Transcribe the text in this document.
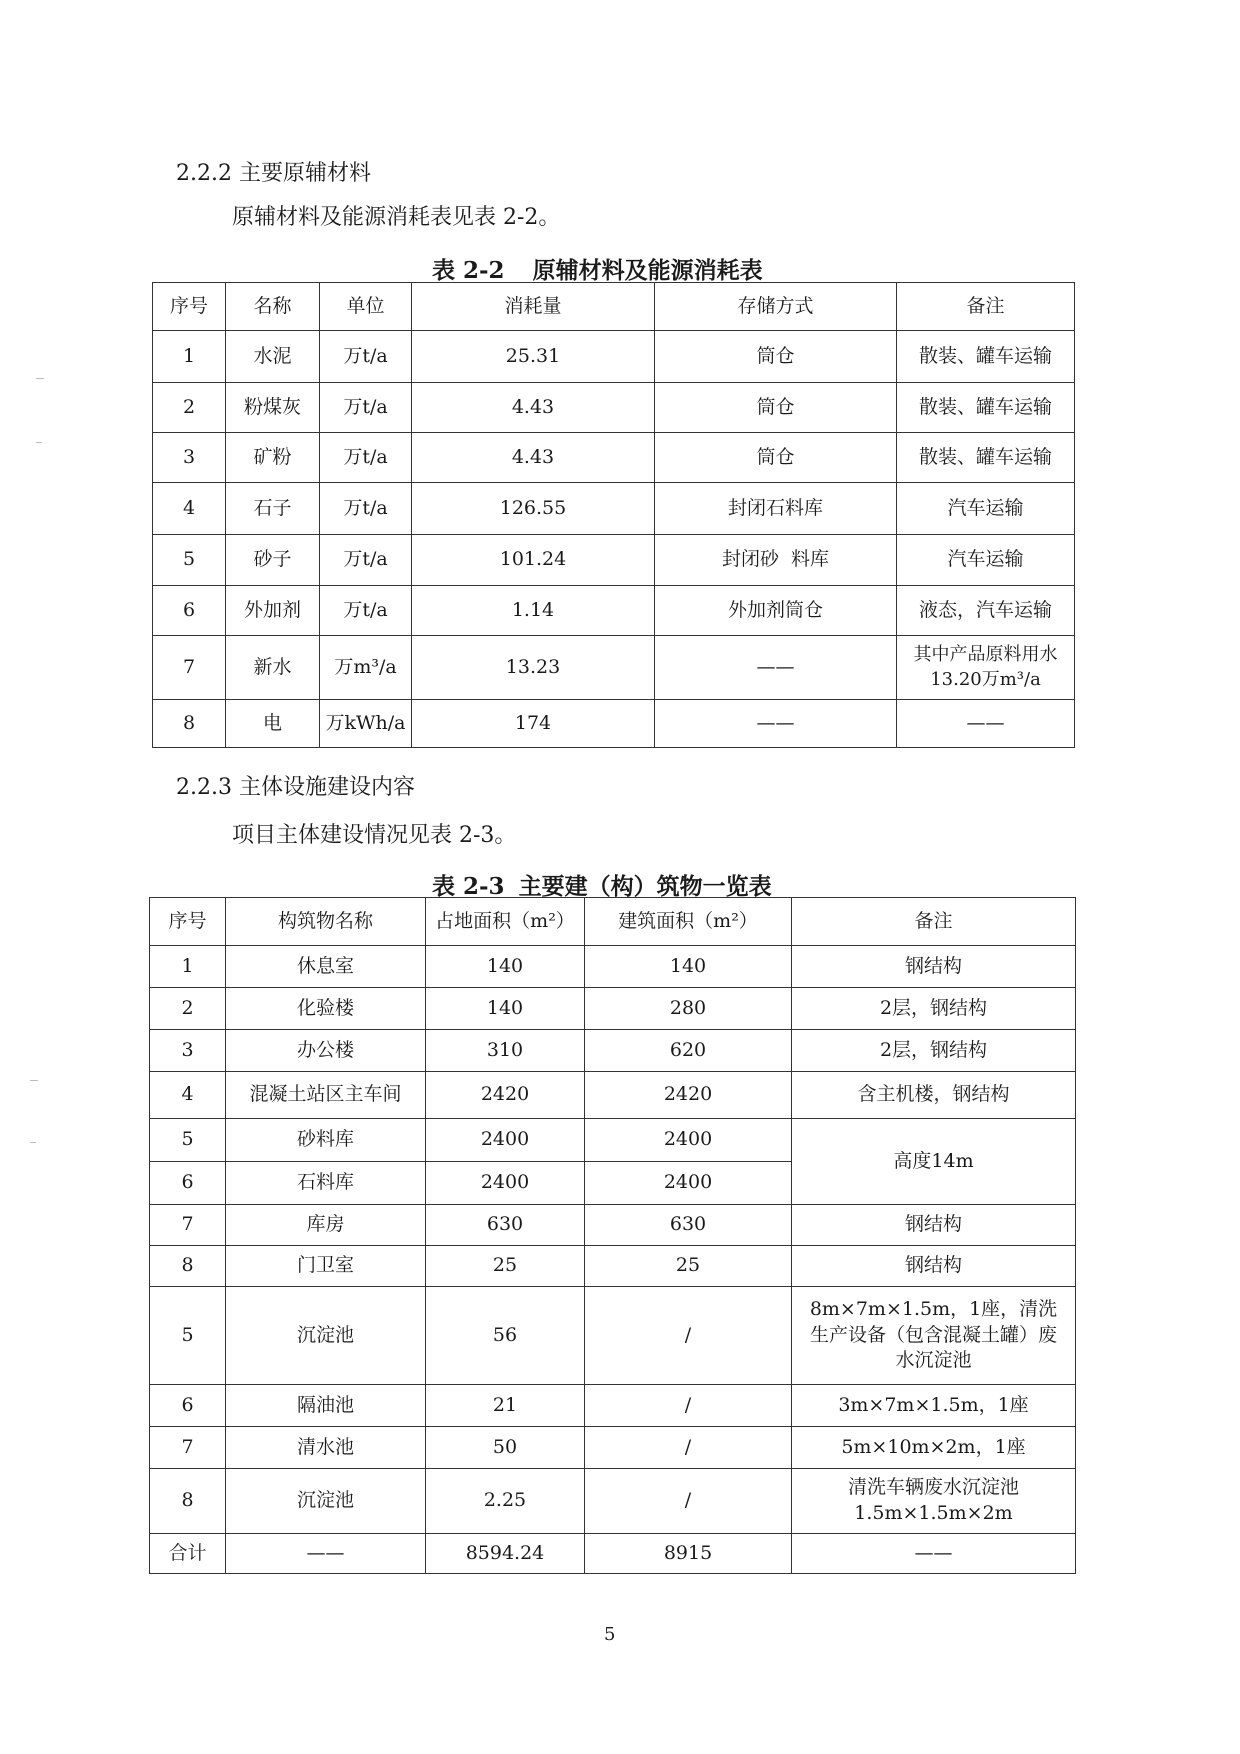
2.2.2 主要原辅材料
原辅材料及能源消耗表见表 2-2。
表 2-2 原辅材料及能源消耗表
序号	名称	单位	消耗量	存储方式	备注
1	水泥	万t/a	25.31	筒仓	散装、罐车运输
2	粉煤灰	万t/a	4.43	筒仓	散装、罐车运输
3	矿粉	万t/a	4.43	筒仓	散装、罐车运输
4	石子	万t/a	126.55	封闭石料库	汽车运输
5	砂子	万t/a	101.24	封闭砂  料库	汽车运输
6	外加剂	万t/a	1.14	外加剂筒仓	液态，汽车运输
7	新水	万m³/a	13.23	——	其中产品原料用水13.20万m³/a
8	电	万kWh/a	174	——	——
2.2.3 主体设施建设内容
项目主体建设情况见表 2-3。
表 2-3 主要建（构）筑物一览表
序号	构筑物名称	占地面积（m²）	建筑面积（m²）	备注
1	休息室	140	140	钢结构
2	化验楼	140	280	2层，钢结构
3	办公楼	310	620	2层，钢结构
4	混凝土站区主车间	2420	2420	含主机楼，钢结构
5	砂料库	2400	2400	高度14m
6	石料库	2400	2400	
7	库房	630	630	钢结构
8	门卫室	25	25	钢结构
5	沉淀池	56	/	8m×7m×1.5m，1座，清洗生产设备（包含混凝土罐）废水沉淀池
6	隔油池	21	/	3m×7m×1.5m，1座
7	清水池	50	/	5m×10m×2m，1座
8	沉淀池	2.25	/	清洗车辆废水沉淀池1.5m×1.5m×2m
合计	——	8594.24	8915	——
5
